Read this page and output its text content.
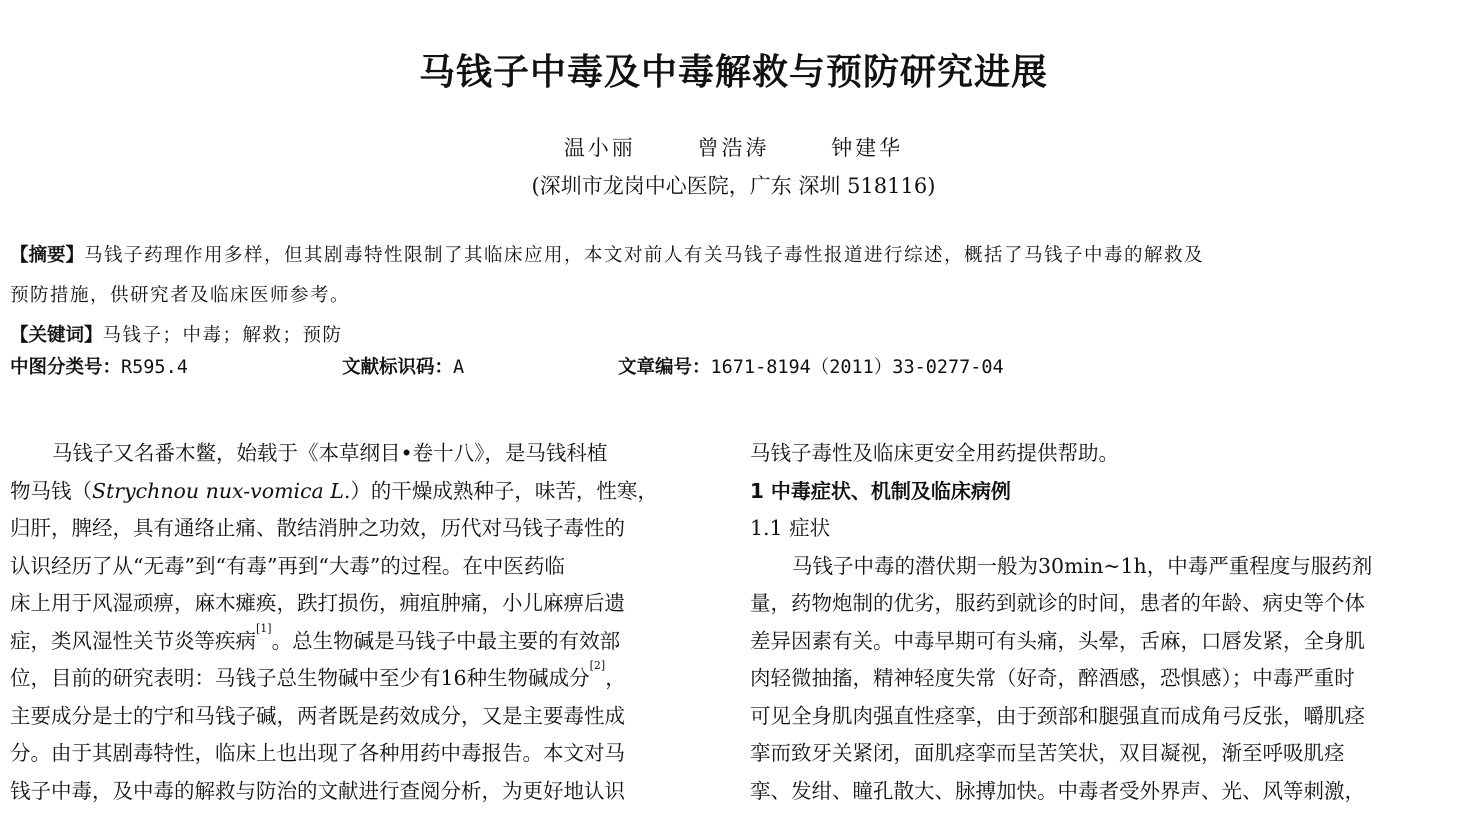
马钱子中毒及中毒解救与预防研究进展
温小丽	曾浩涛	钟建华
(深圳市龙岗中心医院，广东 深圳 518116)
【摘要】马钱子药理作用多样，但其剧毒特性限制了其临床应用，本文对前人有关马钱子毒性报道进行综述，概括了马钱子中毒的解救及
预防措施，供研究者及临床医师参考。
【关键词】马钱子；中毒；解救；预防
中图分类号：R595.4	文献标识码：A	文章编号：1671-8194（2011）33-0277-04
马钱子又名番木鳖，始载于《本草纲目•卷十八》，是马钱科植
物马钱（Strychnou nux-vomica L.）的干燥成熟种子，味苦，性寒，
归肝，脾经，具有通络止痛、散结消肿之功效，历代对马钱子毒性的
认识经历了从“无毒”到“有毒”再到“大毒”的过程。在中医药临
床上用于风湿顽痹，麻木瘫痪，跌打损伤，痈疽肿痛，小儿麻痹后遗
症，类风湿性关节炎等疾病[1]。总生物碱是马钱子中最主要的有效部
位，目前的研究表明：马钱子总生物碱中至少有16种生物碱成分[2]，
主要成分是士的宁和马钱子碱，两者既是药效成分，又是主要毒性成
分。由于其剧毒特性，临床上也出现了各种用药中毒报告。本文对马
钱子中毒，及中毒的解救与防治的文献进行查阅分析，为更好地认识
马钱子毒性及临床更安全用药提供帮助。
1 中毒症状、机制及临床病例
1.1 症状
马钱子中毒的潜伏期一般为30min~1h，中毒严重程度与服药剂
量，药物炮制的优劣，服药到就诊的时间，患者的年龄、病史等个体
差异因素有关。中毒早期可有头痛，头晕，舌麻，口唇发紧，全身肌
肉轻微抽搐，精神轻度失常（好奇，醉酒感，恐惧感）；中毒严重时
可见全身肌肉强直性痉挛，由于颈部和腿强直而成角弓反张，嚼肌痉
挛而致牙关紧闭，面肌痉挛而呈苦笑状，双目凝视，渐至呼吸肌痉
挛、发绀、瞳孔散大、脉搏加快。中毒者受外界声、光、风等刺激，
